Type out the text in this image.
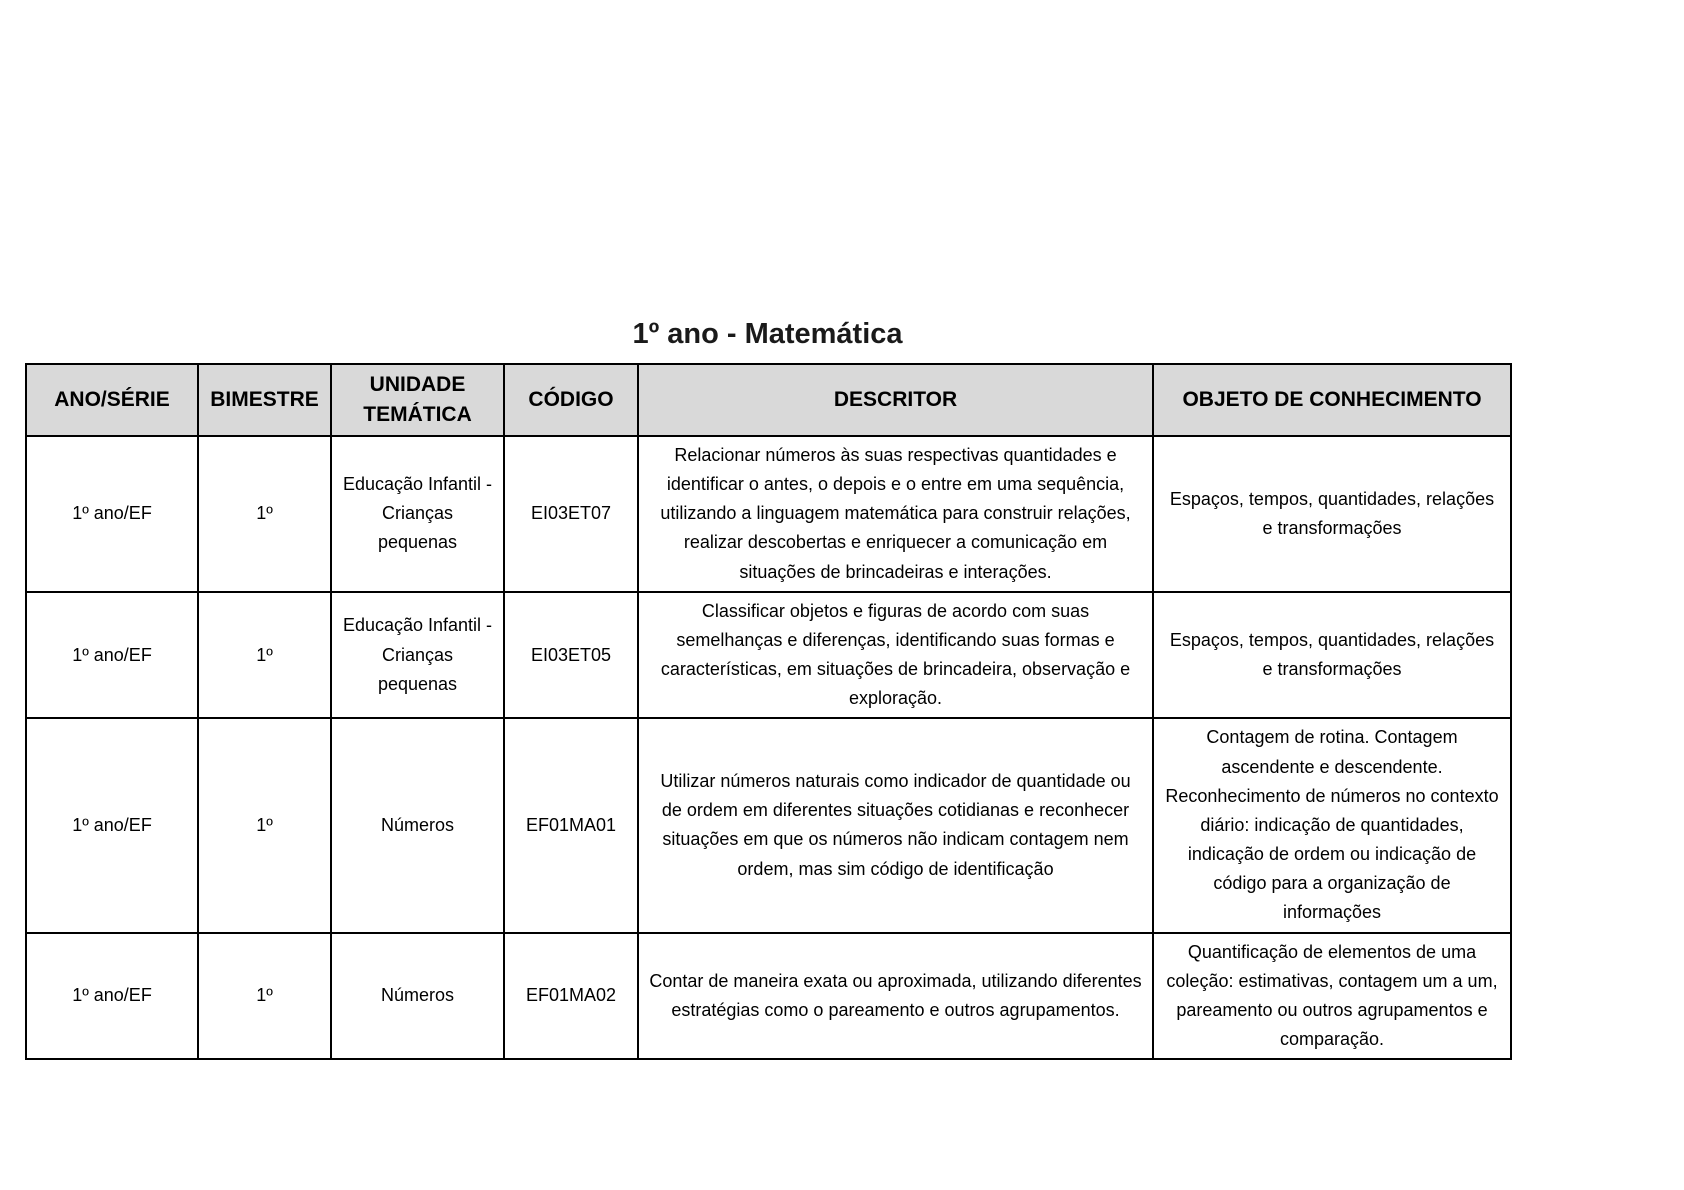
1º ano - Matemática
ANO/SÉRIE	BIMESTRE	UNIDADE TEMÁTICA	CÓDIGO	DESCRITOR	OBJETO DE CONHECIMENTO
1º ano/EF	1º	Educação Infantil - Crianças pequenas	EI03ET07	Relacionar números às suas respectivas quantidades e identificar o antes, o depois e o entre em uma sequência, utilizando a linguagem matemática para construir relações, realizar descobertas e enriquecer a comunicação em situações de brincadeiras e interações.	Espaços, tempos, quantidades, relações e transformações
1º ano/EF	1º	Educação Infantil - Crianças pequenas	EI03ET05	Classificar objetos e figuras de acordo com suas semelhanças e diferenças, identificando suas formas e características, em situações de brincadeira, observação e exploração.	Espaços, tempos, quantidades, relações e transformações
1º ano/EF	1º	Números	EF01MA01	Utilizar números naturais como indicador de quantidade ou de ordem em diferentes situações cotidianas e reconhecer situações em que os números não indicam contagem nem ordem, mas sim código de identificação	Contagem de rotina. Contagem ascendente e descendente. Reconhecimento de números no contexto diário: indicação de quantidades, indicação de ordem ou indicação de código para a organização de informações
1º ano/EF	1º	Números	EF01MA02	Contar de maneira exata ou aproximada, utilizando diferentes estratégias como o pareamento e outros agrupamentos.	Quantificação de elementos de uma coleção: estimativas, contagem um a um, pareamento ou outros agrupamentos e comparação.
